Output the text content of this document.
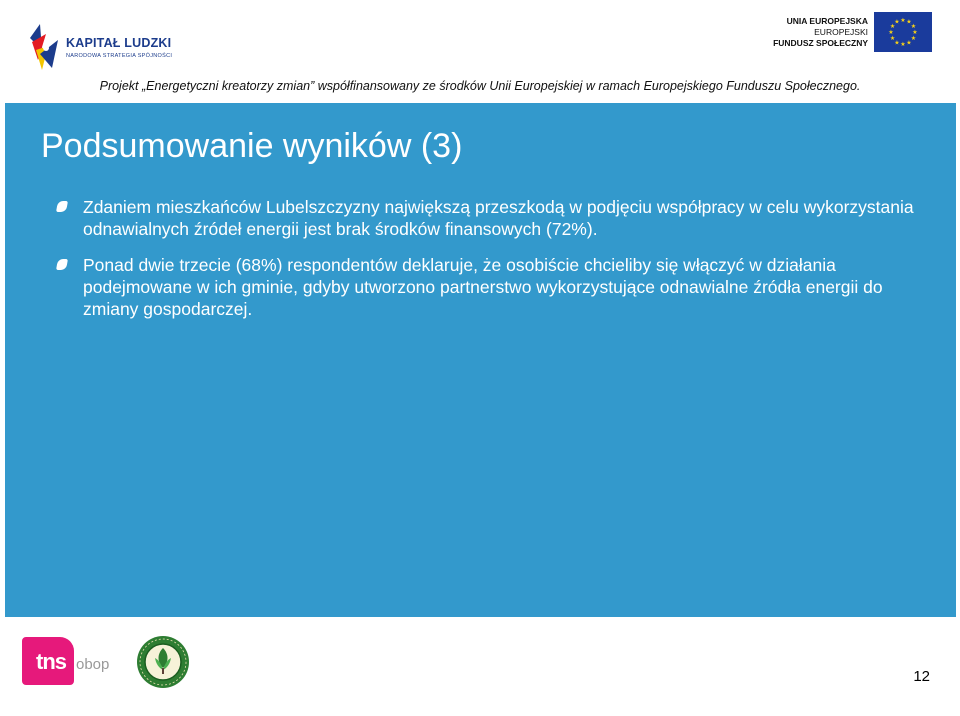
KAPITAŁ LUDZKI
NARODOWA STRATEGIA SPÓJNOŚCI
UNIA EUROPEJSKA
EUROPEJSKI
FUNDUSZ SPOŁECZNY
★ ★
★
★
★
★
★
★
★
★
★
★
Projekt „Energetyczni kreatorzy zmian” współfinansowany ze środków Unii Europejskiej w ramach Europejskiego Funduszu Społecznego.
Podsumowanie wyników (3)
Zdaniem mieszkańców Lubelszczyzny największą przeszkodą w podjęciu współpracy w celu wykorzystania odnawialnych źródeł energii jest brak środków finansowych (72%).
Ponad dwie trzecie (68%) respondentów deklaruje, że osobiście chcieliby się włączyć w działania podejmowane w ich gminie, gdyby utworzono partnerstwo wykorzystujące odnawialne źródła energii do zmiany gospodarczej.
tns obop
12
